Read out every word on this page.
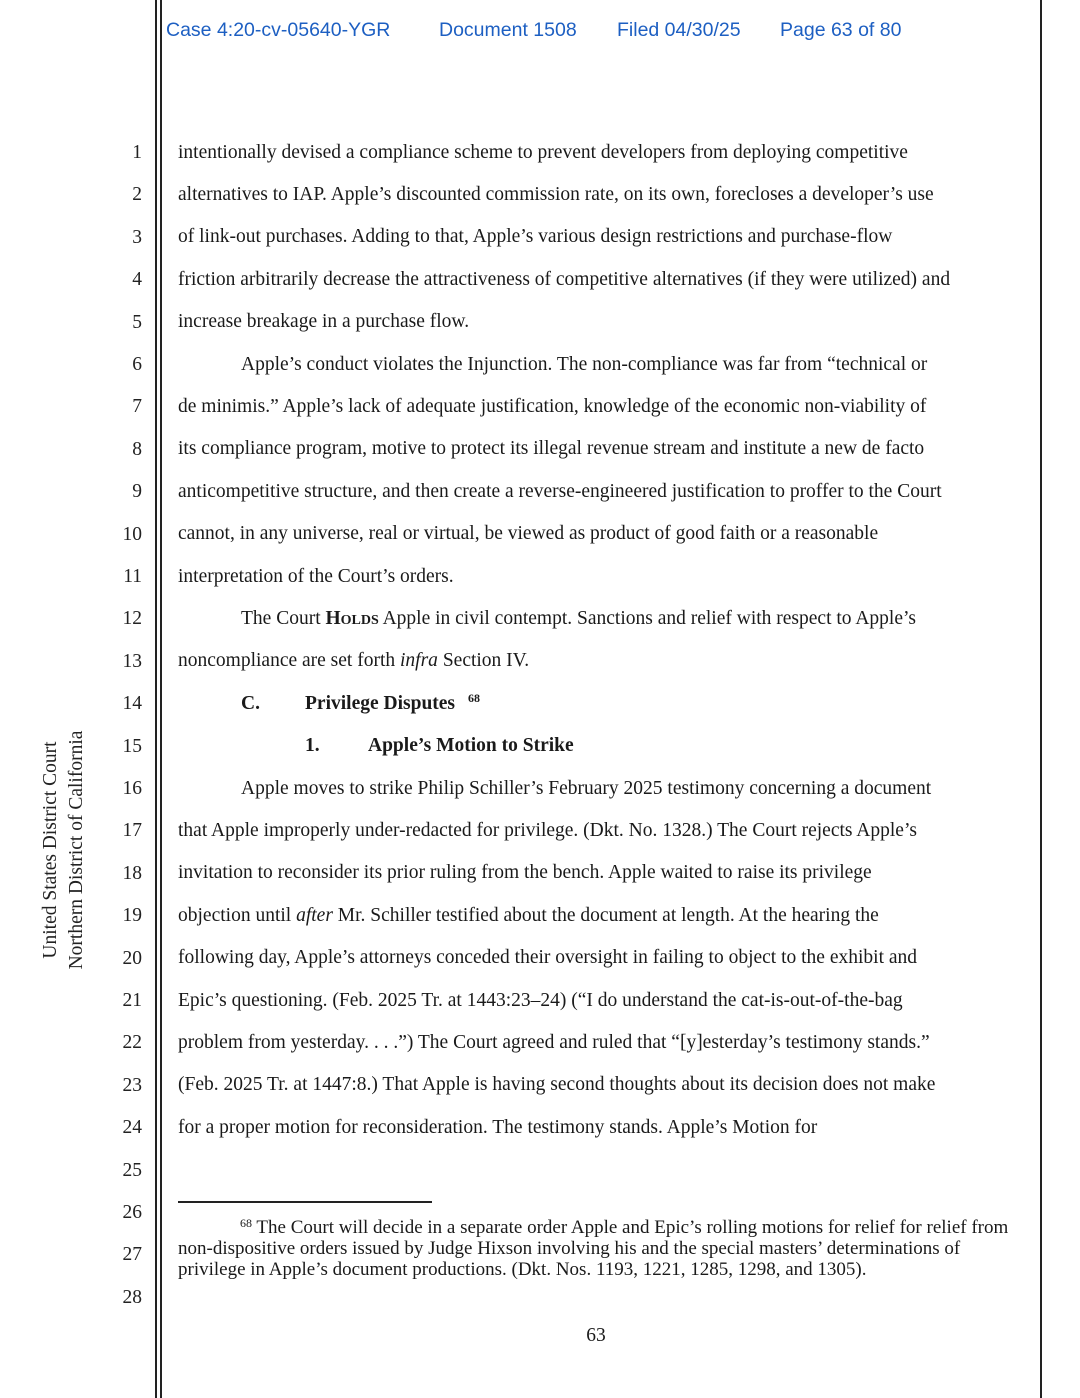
Case 4:20-cv-05640-YGR Document 1508 Filed 04/30/25 Page 63 of 80
United States District Court Northern District of California
1
2
3
4
5
6
7
8
9
10
11
12
13
14
15
16
17
18
19
20
21
22
23
24
25
26
27
28
intentionally devised a compliance scheme to prevent developers from deploying competitive
alternatives to IAP. Apple’s discounted commission rate, on its own, forecloses a developer’s use
of link-out purchases. Adding to that, Apple’s various design restrictions and purchase-flow
friction arbitrarily decrease the attractiveness of competitive alternatives (if they were utilized) and
increase breakage in a purchase flow.
Apple’s conduct violates the Injunction. The non-compliance was far from “technical or
de minimis.” Apple’s lack of adequate justification, knowledge of the economic non-viability of
its compliance program, motive to protect its illegal revenue stream and institute a new de facto
anticompetitive structure, and then create a reverse-engineered justification to proffer to the Court
cannot, in any universe, real or virtual, be viewed as product of good faith or a reasonable
interpretation of the Court’s orders.
The Court Holds Apple in civil contempt. Sanctions and relief with respect to Apple’s
noncompliance are set forth infra Section IV.
C. Privilege Disputes 68
1. Apple’s Motion to Strike
Apple moves to strike Philip Schiller’s February 2025 testimony concerning a document
that Apple improperly under-redacted for privilege. (Dkt. No. 1328.) The Court rejects Apple’s
invitation to reconsider its prior ruling from the bench. Apple waited to raise its privilege
objection until after Mr. Schiller testified about the document at length. At the hearing the
following day, Apple’s attorneys conceded their oversight in failing to object to the exhibit and
Epic’s questioning. (Feb. 2025 Tr. at 1443:23–24) (“I do understand the cat-is-out-of-the-bag
problem from yesterday. . . .”) The Court agreed and ruled that “[y]esterday’s testimony stands.”
(Feb. 2025 Tr. at 1447:8.) That Apple is having second thoughts about its decision does not make
for a proper motion for reconsideration. The testimony stands. Apple’s Motion for
$^{68}$ The Court will decide in a separate order Apple and Epic’s rolling motions for relief for relief from non-dispositive orders issued by Judge Hixson involving his and the special masters’ determinations of privilege in Apple’s document productions. (Dkt. Nos. 1193, 1221, 1285, 1298, and 1305).
63
